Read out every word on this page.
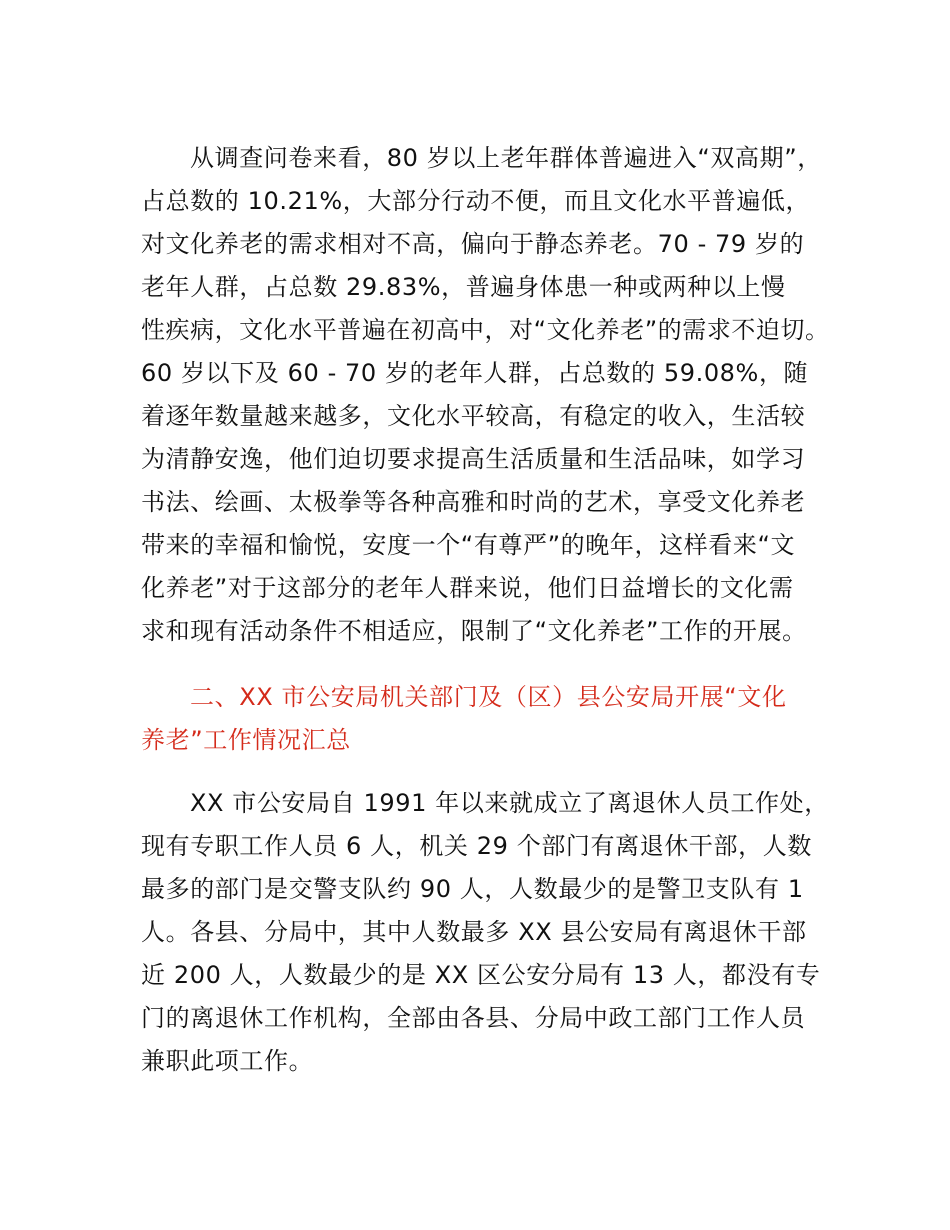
从调查问卷来看，80 岁以上老年群体普遍进入“双高期”，
占总数的 10.21%，大部分行动不便，而且文化水平普遍低，
对文化养老的需求相对不高，偏向于静态养老。70 - 79 岁的
老年人群，占总数 29.83%，普遍身体患一种或两种以上慢
性疾病，文化水平普遍在初高中，对“文化养老”的需求不迫切。
60 岁以下及 60 - 70 岁的老年人群，占总数的 59.08%，随
着逐年数量越来越多，文化水平较高，有稳定的收入，生活较
为清静安逸，他们迫切要求提高生活质量和生活品味，如学习
书法、绘画、太极拳等各种高雅和时尚的艺术，享受文化养老
带来的幸福和愉悦，安度一个“有尊严”的晚年，这样看来“文
化养老”对于这部分的老年人群来说，他们日益增长的文化需
求和现有活动条件不相适应，限制了“文化养老”工作的开展。
二、XX 市公安局机关部门及（区）县公安局开展“文化
养老”工作情况汇总
XX 市公安局自 1991 年以来就成立了离退休人员工作处，
现有专职工作人员 6 人，机关 29 个部门有离退休干部，人数
最多的部门是交警支队约 90 人，人数最少的是警卫支队有 1
人。各县、分局中，其中人数最多 XX 县公安局有离退休干部
近 200 人，人数最少的是 XX 区公安分局有 13 人，都没有专
门的离退休工作机构，全部由各县、分局中政工部门工作人员
兼职此项工作。
